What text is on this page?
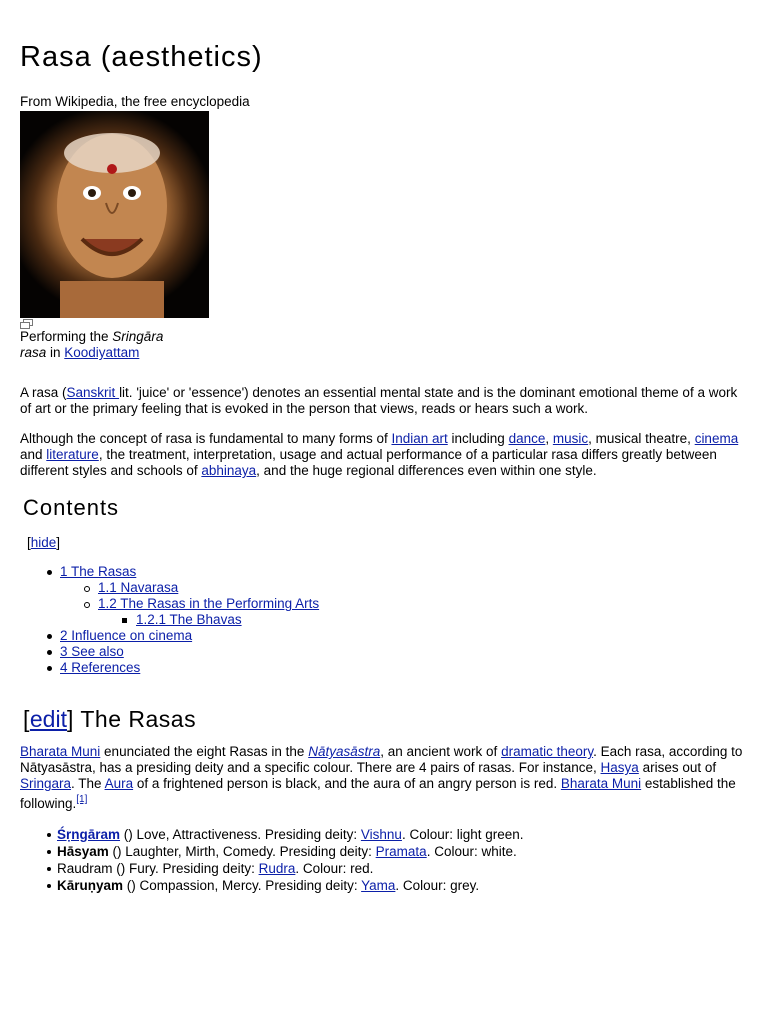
Rasa (aesthetics)
From Wikipedia, the free encyclopedia
Performing the Sringāra rasa in Koodiyattam

A rasa (Sanskrit lit. 'juice' or 'essence') denotes an essential mental state and is the dominant emotional theme of a work of art or the primary feeling that is evoked in the person that views, reads or hears such a work.

Although the concept of rasa is fundamental to many forms of Indian art including dance, music, musical theatre, cinema and literature, the treatment, interpretation, usage and actual performance of a particular rasa differs greatly between different styles and schools of abhinaya, and the huge regional differences even within one style.

Contents
[hide]
1 The Rasas
1.1 Navarasa
1.2 The Rasas in the Performing Arts
1.2.1 The Bhavas
2 Influence on cinema
3 See also
4 References
[edit] The Rasas

Bharata Muni enunciated the eight Rasas in the Nātyasāstra, an ancient work of dramatic theory. Each rasa, according to Nātyasāstra, has a presiding deity and a specific colour. There are 4 pairs of rasas. For instance, Hasya arises out of Sringara. The Aura of a frightened person is black, and the aura of an angry person is red. Bharata Muni established the following.[1]

Śṛngāram () Love, Attractiveness. Presiding deity: Vishnu. Colour: light green.
Hāsyam () Laughter, Mirth, Comedy. Presiding deity: Pramata. Colour: white.
Raudram () Fury. Presiding deity: Rudra. Colour: red.
Kāruṇyam () Compassion, Mercy. Presiding deity: Yama. Colour: grey.
